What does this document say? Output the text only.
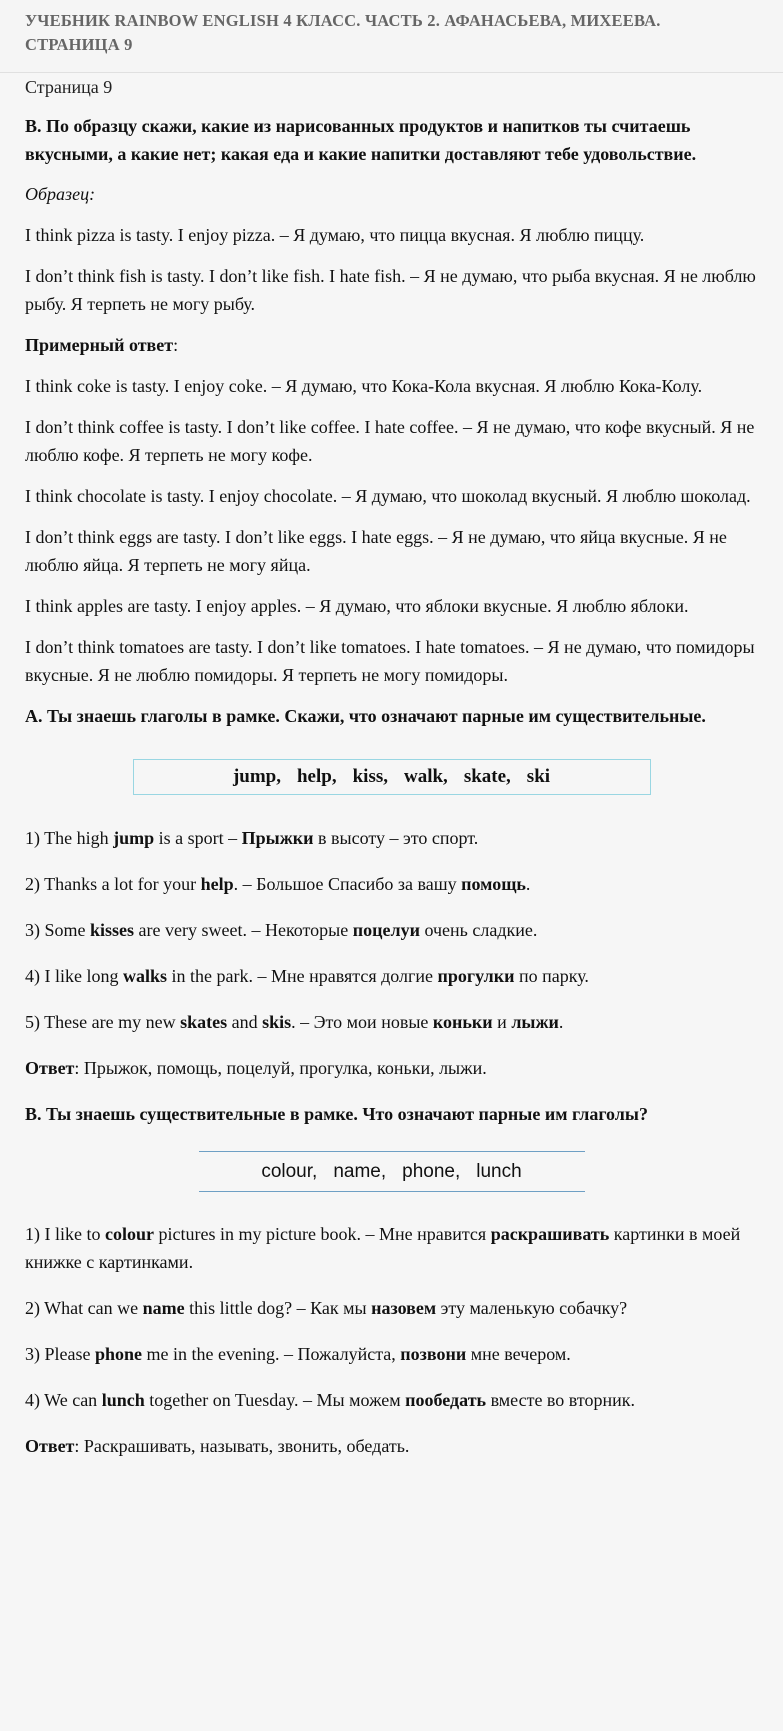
УЧЕБНИК RAINBOW ENGLISH 4 КЛАСС. ЧАСТЬ 2. АФАНАСЬЕВА, МИХЕЕВА. СТРАНИЦА 9

Страница 9

B. По образцу скажи, какие из нарисованных продуктов и напитков ты считаешь вкусными, а какие нет; какая еда и какие напитки доставляют тебе удовольствие.

Образец:

I think pizza is tasty. I enjoy pizza. – Я думаю, что пицца вкусная. Я люблю пиццу.

I don’t think fish is tasty. I don’t like fish. I hate fish. – Я не думаю, что рыба вкусная. Я не люблю рыбу. Я терпеть не могу рыбу.

Примерный ответ:

I think coke is tasty. I enjoy coke. – Я думаю, что Кока-Кола вкусная. Я люблю Кока-Колу.

I don’t think coffee is tasty. I don’t like coffee. I hate coffee. – Я не думаю, что кофе вкусный. Я не люблю кофе. Я терпеть не могу кофе.

I think chocolate is tasty. I enjoy chocolate. – Я думаю, что шоколад вкусный. Я люблю шоколад.

I don’t think eggs are tasty. I don’t like eggs. I hate eggs. – Я не думаю, что яйца вкусные. Я не люблю яйца. Я терпеть не могу яйца.

I think apples are tasty. I enjoy apples. – Я думаю, что яблоки вкусные. Я люблю яблоки.

I don’t think tomatoes are tasty. I don’t like tomatoes. I hate tomatoes. – Я не думаю, что помидоры вкусные. Я не люблю помидоры. Я терпеть не могу помидоры.

A. Ты знаешь глаголы в рамке. Скажи, что означают парные им существительные.

jump, help, kiss, walk, skate, ski

1) The high jump is a sport – Прыжки в высоту – это спорт.

2) Thanks a lot for your help. – Большое Спасибо за вашу помощь.

3) Some kisses are very sweet. – Некоторые поцелуи очень сладкие.

4) I like long walks in the park. – Мне нравятся долгие прогулки по парку.

5) These are my new skates and skis. – Это мои новые коньки и лыжи.

Ответ: Прыжок, помощь, поцелуй, прогулка, коньки, лыжи.

B. Ты знаешь существительные в рамке. Что означают парные им глаголы?

colour, name, phone, lunch

1) I like to colour pictures in my picture book. – Мне нравится раскрашивать картинки в моей книжке с картинками.

2) What can we name this little dog? – Как мы назовем эту маленькую собачку?

3) Please phone me in the evening. – Пожалуйста, позвони мне вечером.

4) We can lunch together on Tuesday. – Мы можем пообедать вместе во вторник.

Ответ: Раскрашивать, называть, звонить, обедать.
